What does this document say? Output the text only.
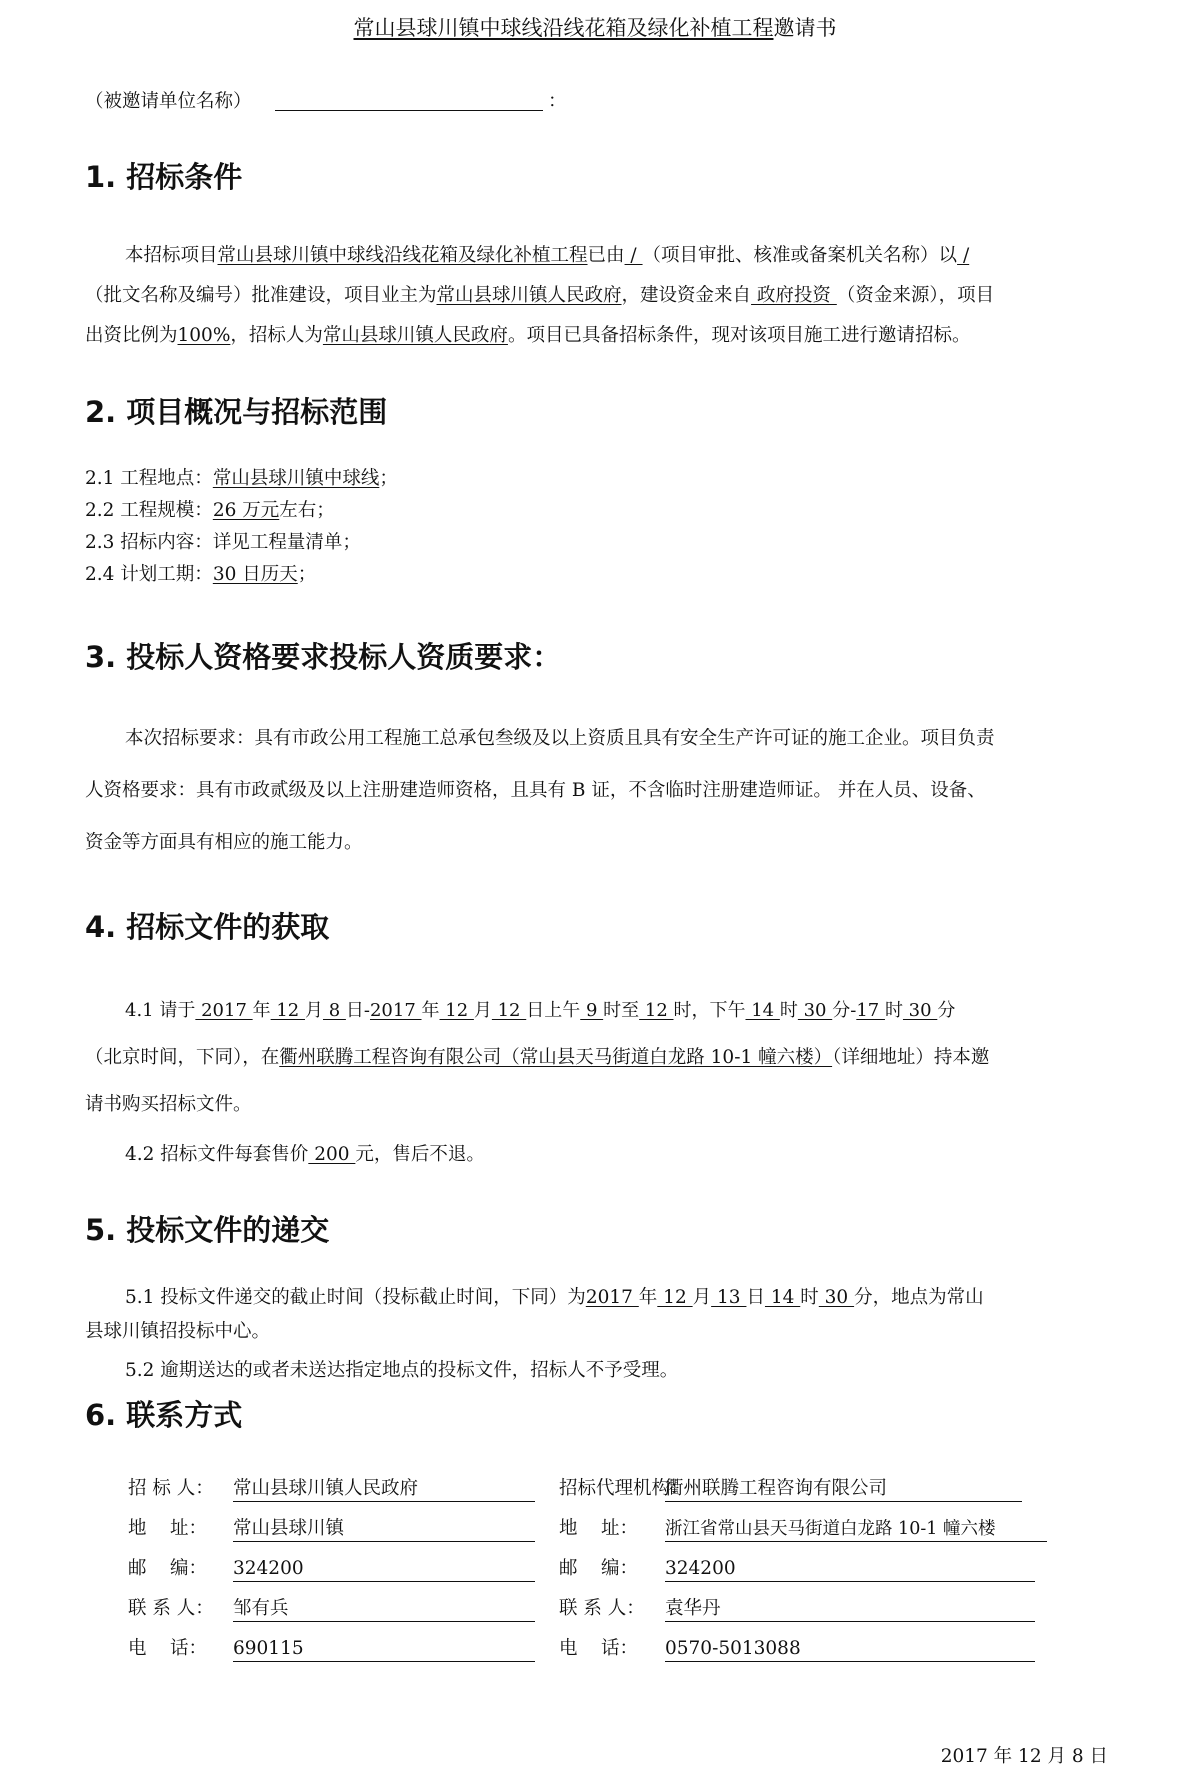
常山县球川镇中球线沿线花箱及绿化补植工程邀请书
（被邀请单位名称）	：
1. 招标条件
本招标项目常山县球川镇中球线沿线花箱及绿化补植工程已由 / （项目审批、核准或备案机关名称）以 /
（批文名称及编号）批准建设，项目业主为常山县球川镇人民政府，建设资金来自 政府投资 （资金来源），项目
出资比例为100%，招标人为常山县球川镇人民政府。项目已具备招标条件，现对该项目施工进行邀请招标。
2. 项目概况与招标范围
2.1 工程地点：常山县球川镇中球线；
2.2 工程规模：26 万元左右；
2.3 招标内容：详见工程量清单；
2.4 计划工期：30 日历天；
3. 投标人资格要求投标人资质要求：
本次招标要求：具有市政公用工程施工总承包叁级及以上资质且具有安全生产许可证的施工企业。项目负责
人资格要求：具有市政贰级及以上注册建造师资格，且具有 B 证，不含临时注册建造师证。 并在人员、设备、
资金等方面具有相应的施工能力。
4. 招标文件的获取
4.1 请于 2017 年 12 月 8 日-2017 年 12 月 12 日上午 9 时至 12 时，下午 14 时 30 分-17 时 30 分
（北京时间，下同），在衢州联腾工程咨询有限公司（常山县天马街道白龙路 10-1 幢六楼）（详细地址）持本邀
请书购买招标文件。
4.2 招标文件每套售价 200 元，售后不退。
5. 投标文件的递交
5.1 投标文件递交的截止时间（投标截止时间，下同）为2017 年 12 月 13 日 14 时 30 分，地点为常山
县球川镇招投标中心。
5.2 逾期送达的或者未送达指定地点的投标文件，招标人不予受理。
6. 联系方式
招 标 人： 常山县球川镇人民政府
地    址： 常山县球川镇
邮    编： 324200
联 系 人： 邹有兵
电    话： 690115
招标代理机构：衢州联腾工程咨询有限公司
地    址： 浙江省常山县天马街道白龙路 10-1 幢六楼
邮    编： 324200
联 系 人： 袁华丹
电    话： 0570-5013088
2017 年 12 月 8 日
